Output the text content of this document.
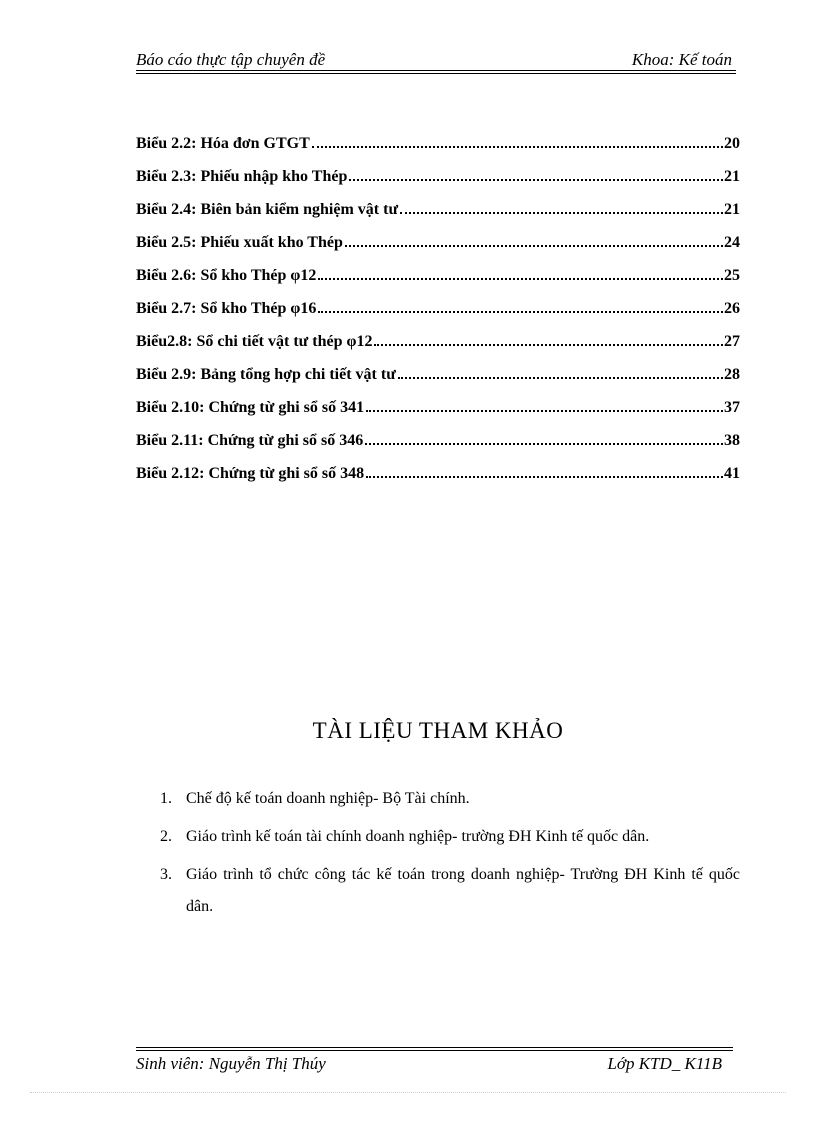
Báo cáo thực tập chuyên đề	Khoa: Kế toán
Biểu 2.2: Hóa đơn GTGT	20
Biểu 2.3: Phiếu nhập kho Thép	21
Biểu 2.4: Biên bản kiểm nghiệm vật tư	21
Biểu 2.5: Phiếu xuất kho Thép	24
Biểu 2.6: Sổ kho Thép φ12	25
Biểu 2.7: Sổ kho Thép φ16	26
Biểu2.8: Sổ chi tiết vật tư thép φ12	27
Biểu 2.9: Bảng tổng hợp chi tiết vật tư	28
Biểu 2.10: Chứng từ ghi sổ số 341	37
Biểu 2.11: Chứng từ ghi sổ số 346	38
Biểu 2.12: Chứng từ ghi sổ số 348	41
TÀI LIỆU THAM KHẢO
1. Chế độ kế toán doanh nghiệp- Bộ Tài chính.
2. Giáo trình kế toán tài chính doanh nghiệp- trường ĐH Kinh tế quốc dân.
3. Giáo trình tổ chức công tác kế toán trong doanh nghiệp- Trường ĐH Kinh tế quốc dân.
Sinh viên: Nguyễn Thị Thúy	Lớp KTD_ K11B
